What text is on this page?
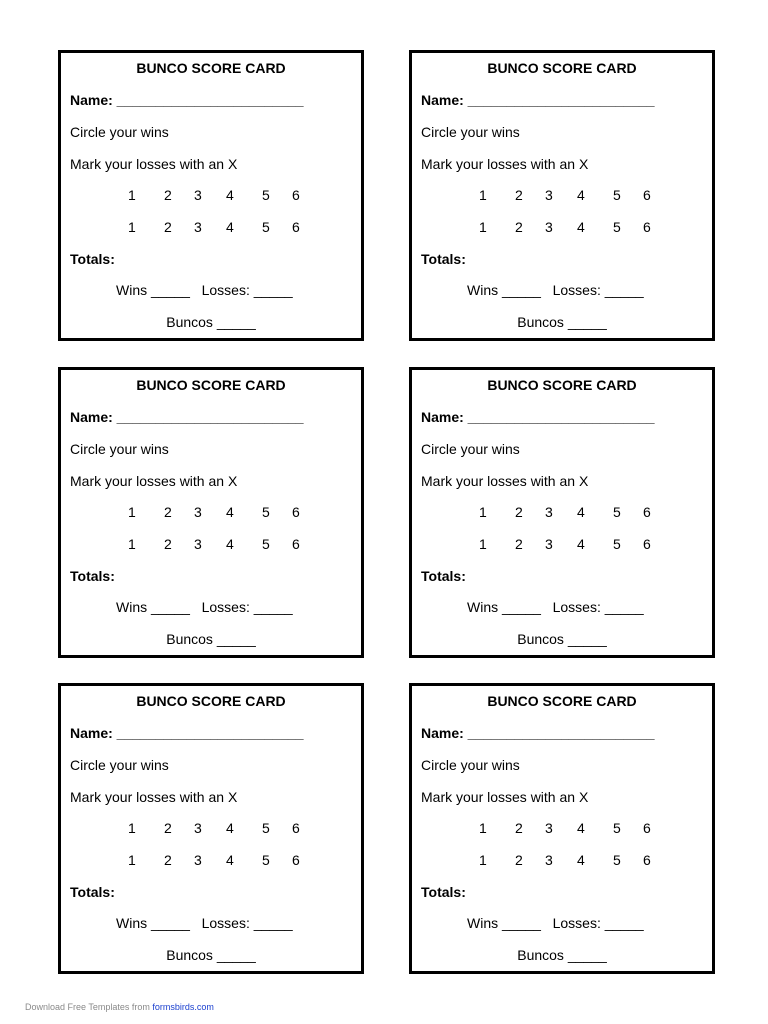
BUNCO SCORE CARD
Name: ________________________
Circle your wins
Mark your losses with an X

1

2

3

4

5

6

1

2

3

4

5

6

Totals:
Wins _____   Losses: _____
Buncos _____
BUNCO SCORE CARD
Name: ________________________
Circle your wins
Mark your losses with an X

1

2

3

4

5

6

1

2

3

4

5

6

Totals:
Wins _____   Losses: _____
Buncos _____
BUNCO SCORE CARD
Name: ________________________
Circle your wins
Mark your losses with an X

1

2

3

4

5

6

1

2

3

4

5

6

Totals:
Wins _____   Losses: _____
Buncos _____
BUNCO SCORE CARD
Name: ________________________
Circle your wins
Mark your losses with an X

1

2

3

4

5

6

1

2

3

4

5

6

Totals:
Wins _____   Losses: _____
Buncos _____
BUNCO SCORE CARD
Name: ________________________
Circle your wins
Mark your losses with an X

1

2

3

4

5

6

1

2

3

4

5

6

Totals:
Wins _____   Losses: _____
Buncos _____
BUNCO SCORE CARD
Name: ________________________
Circle your wins
Mark your losses with an X

1

2

3

4

5

6

1

2

3

4

5

6

Totals:
Wins _____   Losses: _____
Buncos _____
Download Free Templates from formsbirds.com
